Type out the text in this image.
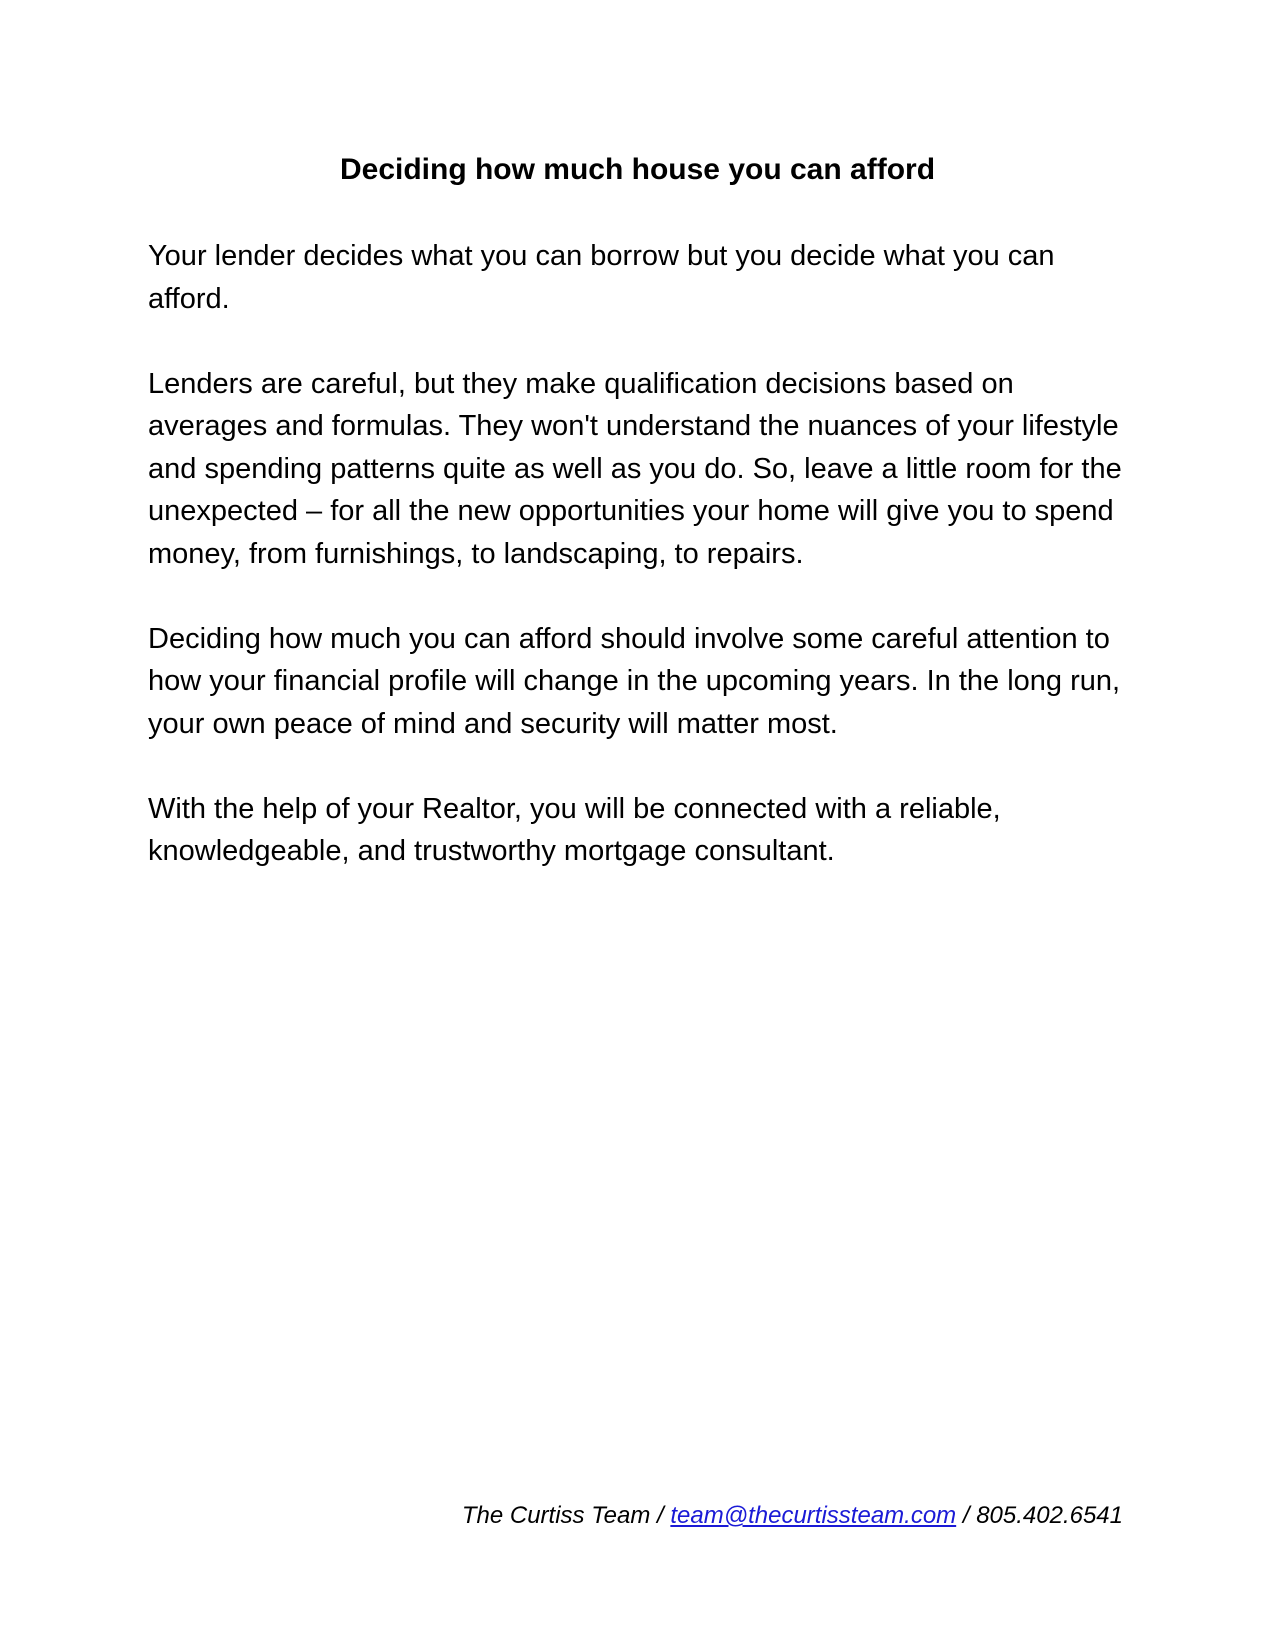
Deciding how much house you can afford

Your lender decides what you can borrow but you decide what you can afford.

Lenders are careful, but they make qualification decisions based on averages and formulas. They won't understand the nuances of your lifestyle and spending patterns quite as well as you do. So, leave a little room for the unexpected – for all the new opportunities your home will give you to spend money, from furnishings, to landscaping, to repairs.

Deciding how much you can afford should involve some careful attention to how your financial profile will change in the upcoming years. In the long run, your own peace of mind and security will matter most.

With the help of your Realtor, you will be connected with a reliable, knowledgeable, and trustworthy mortgage consultant.

The Curtiss Team / team@thecurtissteam.com / 805.402.6541
